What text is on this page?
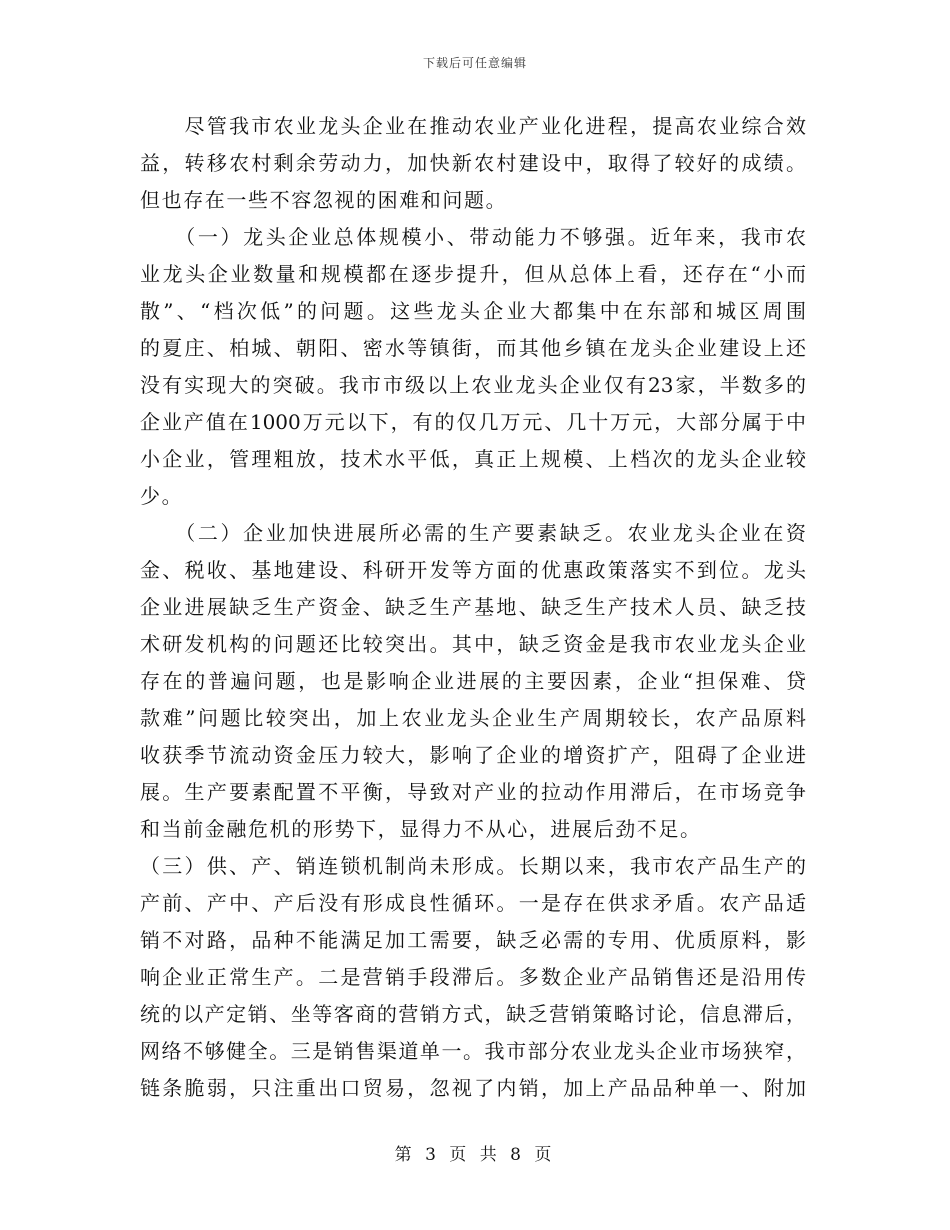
下载后可任意编辑
　　尽管我市农业龙头企业在推动农业产业化进程，提高农业综合效
益，转移农村剩余劳动力，加快新农村建设中，取得了较好的成绩。
但也存在一些不容忽视的困难和问题。
　　（一）龙头企业总体规模小、带动能力不够强。近年来，我市农
业龙头企业数量和规模都在逐步提升，但从总体上看，还存在“小而
散”、“档次低”的问题。这些龙头企业大都集中在东部和城区周围
的夏庄、柏城、朝阳、密水等镇街，而其他乡镇在龙头企业建设上还
没有实现大的突破。我市市级以上农业龙头企业仅有23家，半数多的
企业产值在1000万元以下，有的仅几万元、几十万元，大部分属于中
小企业，管理粗放，技术水平低，真正上规模、上档次的龙头企业较
少。
　　（二）企业加快进展所必需的生产要素缺乏。农业龙头企业在资
金、税收、基地建设、科研开发等方面的优惠政策落实不到位。龙头
企业进展缺乏生产资金、缺乏生产基地、缺乏生产技术人员、缺乏技
术研发机构的问题还比较突出。其中，缺乏资金是我市农业龙头企业
存在的普遍问题，也是影响企业进展的主要因素，企业“担保难、贷
款难”问题比较突出，加上农业龙头企业生产周期较长，农产品原料
收获季节流动资金压力较大，影响了企业的增资扩产，阻碍了企业进
展。生产要素配置不平衡，导致对产业的拉动作用滞后，在市场竞争
和当前金融危机的形势下，显得力不从心，进展后劲不足。
（三）供、产、销连锁机制尚未形成。长期以来，我市农产品生产的
产前、产中、产后没有形成良性循环。一是存在供求矛盾。农产品适
销不对路，品种不能满足加工需要，缺乏必需的专用、优质原料，影
响企业正常生产。二是营销手段滞后。多数企业产品销售还是沿用传
统的以产定销、坐等客商的营销方式，缺乏营销策略讨论，信息滞后，
网络不够健全。三是销售渠道单一。我市部分农业龙头企业市场狭窄，
链条脆弱，只注重出口贸易，忽视了内销，加上产品品种单一、附加
第 3 页 共 8 页
